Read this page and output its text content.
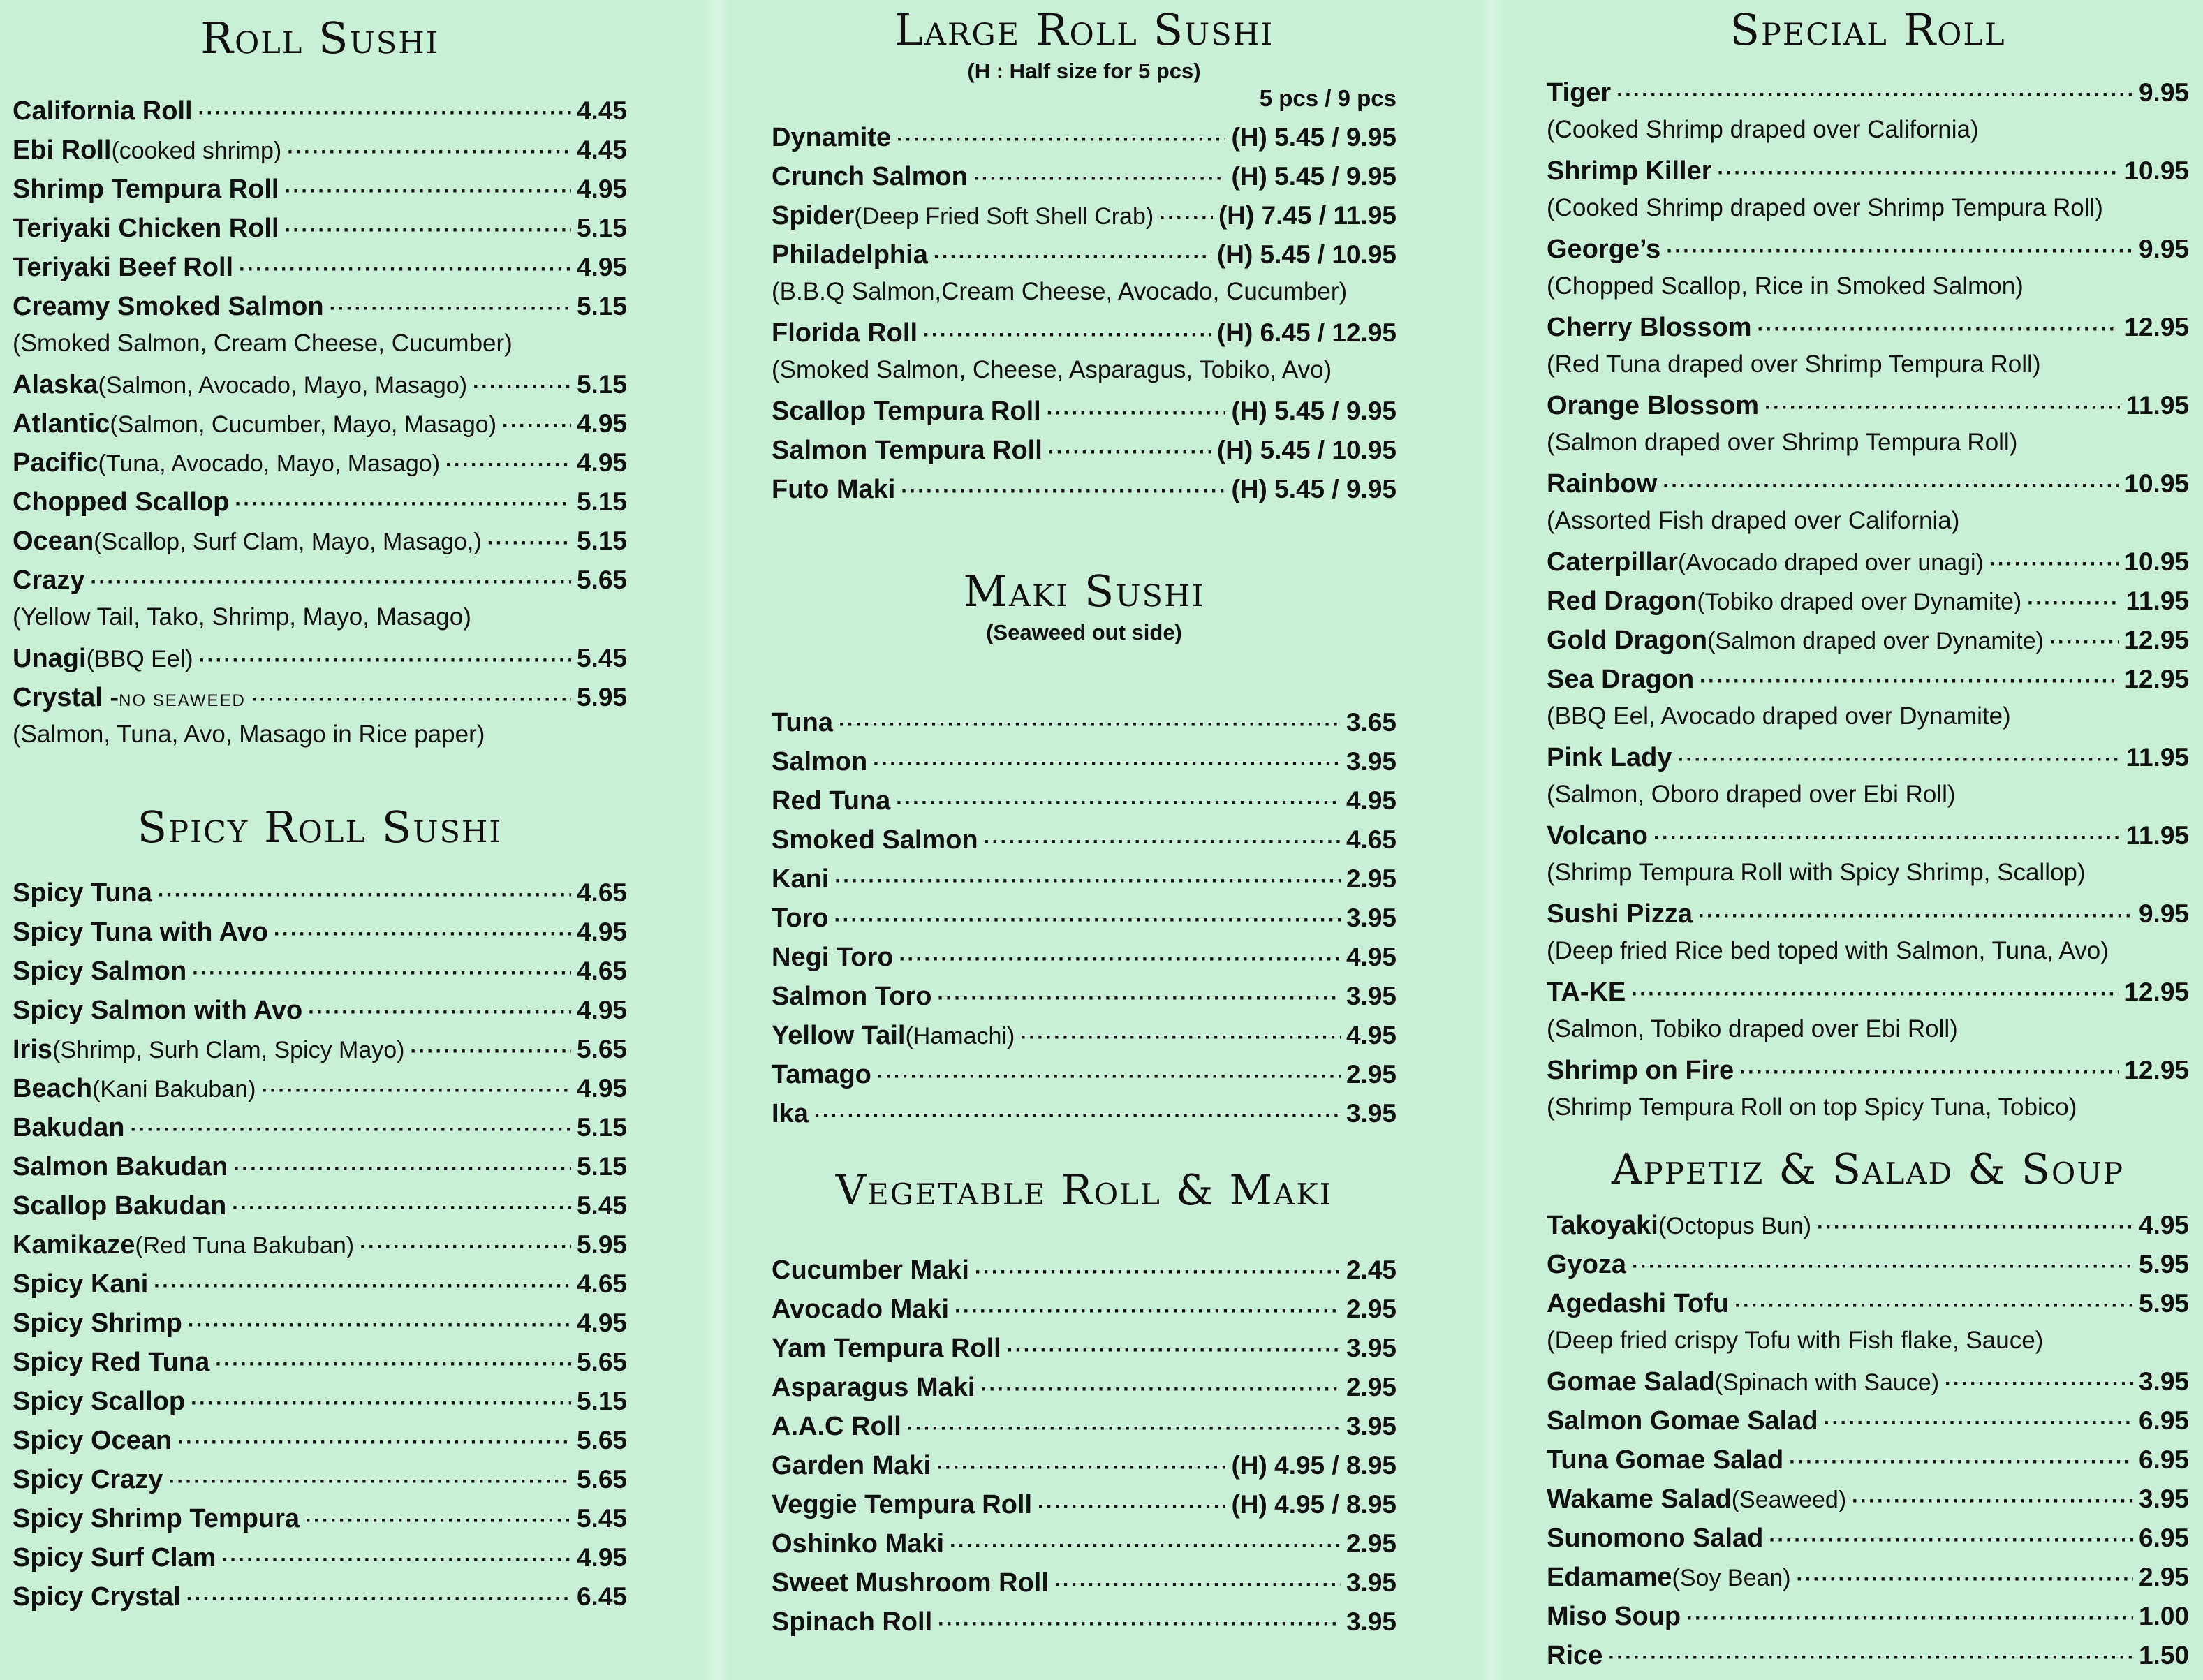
Roll Sushi
Spicy Roll Sushi
California Roll ·····	4.45
Ebi Roll (cooked shrimp) ·····	4.45
Shrimp Tempura Roll ·····	4.95
Teriyaki Chicken Roll ·····	5.15
Teriyaki Beef Roll ·····	4.95
Creamy Smoked Salmon ·····	5.15
(Smoked Salmon, Cream Cheese, Cucumber)
Alaska (Salmon, Avocado, Mayo, Masago) ·····	5.15
Atlantic (Salmon, Cucumber, Mayo, Masago) ·····	4.95
Pacific (Tuna, Avocado, Mayo, Masago) ·····	4.95
Chopped Scallop ·····	5.15
Ocean (Scallop, Surf Clam, Mayo, Masago,) ·····	5.15
Crazy ·····	5.65
(Yellow Tail, Tako, Shrimp, Mayo, Masago)
Unagi (BBQ Eel) ·····	5.45
Crystal - NO SEAWEED ·····	5.95
(Salmon, Tuna, Avo, Masago in Rice paper)
Spicy Tuna ·····	4.65
Spicy Tuna with Avo ·····	4.95
Spicy Salmon ·····	4.65
Spicy Salmon with Avo ·····	4.95
Iris (Shrimp, Surh Clam, Spicy Mayo) ·····	5.65
Beach (Kani Bakuban) ·····	4.95
Bakudan ·····	5.15
Salmon Bakudan ·····	5.15
Scallop Bakudan ·····	5.45
Kamikaze (Red Tuna Bakuban) ·····	5.95
Spicy Kani ·····	4.65
Spicy Shrimp ·····	4.95
Spicy Red Tuna ·····	5.65
Spicy Scallop ·····	5.15
Spicy Ocean ·····	5.65
Spicy Crazy ·····	5.65
Spicy Shrimp Tempura ·····	5.45
Spicy Surf Clam ·····	4.95
Spicy Crystal ·····	6.45
Large Roll Sushi
(H : Half size for 5 pcs)
5 pcs / 9 pcs
Maki Sushi
(Seaweed out side)
Vegetable Roll & Maki
Dynamite ·····	(H) 5.45 / 9.95
Crunch Salmon ·····	(H) 5.45 / 9.95
Spider (Deep Fried Soft Shell Crab) ·····	(H) 7.45 / 11.95
Philadelphia ·····	(H) 5.45 / 10.95
(B.B.Q Salmon,Cream Cheese, Avocado, Cucumber)
Florida Roll ·····	(H) 6.45 / 12.95
(Smoked Salmon, Cheese, Asparagus, Tobiko, Avo)
Scallop Tempura Roll ·····	(H) 5.45 / 9.95
Salmon Tempura Roll ·····	(H) 5.45 / 10.95
Futo Maki ·····	(H) 5.45 / 9.95
Tuna ·····	3.65
Salmon ·····	3.95
Red Tuna ·····	4.95
Smoked Salmon ·····	4.65
Kani ·····	2.95
Toro ·····	3.95
Negi Toro ·····	4.95
Salmon Toro ·····	3.95
Yellow Tail (Hamachi) ·····	4.95
Tamago ·····	2.95
Ika ·····	3.95
Cucumber Maki ·····	2.45
Avocado Maki ·····	2.95
Yam Tempura Roll ·····	3.95
Asparagus Maki ·····	2.95
A.A.C Roll ·····	3.95
Garden Maki ·····	(H) 4.95 / 8.95
Veggie Tempura Roll ·····	(H) 4.95 / 8.95
Oshinko Maki ·····	2.95
Sweet Mushroom Roll ·····	3.95
Spinach Roll ·····	3.95
Special Roll
Appetiz & Salad & Soup
Tiger ·····	9.95
(Cooked Shrimp draped over California)
Shrimp Killer ·····	10.95
(Cooked Shrimp draped over Shrimp Tempura Roll)
George’s ·····	9.95
(Chopped Scallop, Rice in Smoked Salmon)
Cherry Blossom ·····	12.95
(Red Tuna draped over Shrimp Tempura Roll)
Orange Blossom ·····	11.95
(Salmon draped over Shrimp Tempura Roll)
Rainbow ·····	10.95
(Assorted Fish draped over California)
Caterpillar (Avocado draped over unagi) ·····	10.95
Red Dragon (Tobiko draped over Dynamite) ·····	11.95
Gold Dragon (Salmon draped over Dynamite) ·····	12.95
Sea Dragon ·····	12.95
(BBQ Eel, Avocado draped over Dynamite)
Pink Lady ·····	11.95
(Salmon, Oboro draped over Ebi Roll)
Volcano ·····	11.95
(Shrimp Tempura Roll with Spicy Shrimp, Scallop)
Sushi Pizza ·····	9.95
(Deep fried Rice bed toped with Salmon, Tuna, Avo)
TA-KE ·····	12.95
(Salmon, Tobiko draped over Ebi Roll)
Shrimp on Fire ·····	12.95
(Shrimp Tempura Roll on top Spicy Tuna, Tobico)
Takoyaki (Octopus Bun) ·····	4.95
Gyoza ·····	5.95
Agedashi Tofu ·····	5.95
(Deep fried crispy Tofu with Fish flake, Sauce)
Gomae Salad (Spinach with Sauce) ·····	3.95
Salmon Gomae Salad ·····	6.95
Tuna Gomae Salad ·····	6.95
Wakame Salad (Seaweed) ·····	3.95
Sunomono Salad ·····	6.95
Edamame (Soy Bean) ·····	2.95
Miso Soup ·····	1.00
Rice ·····	1.50
